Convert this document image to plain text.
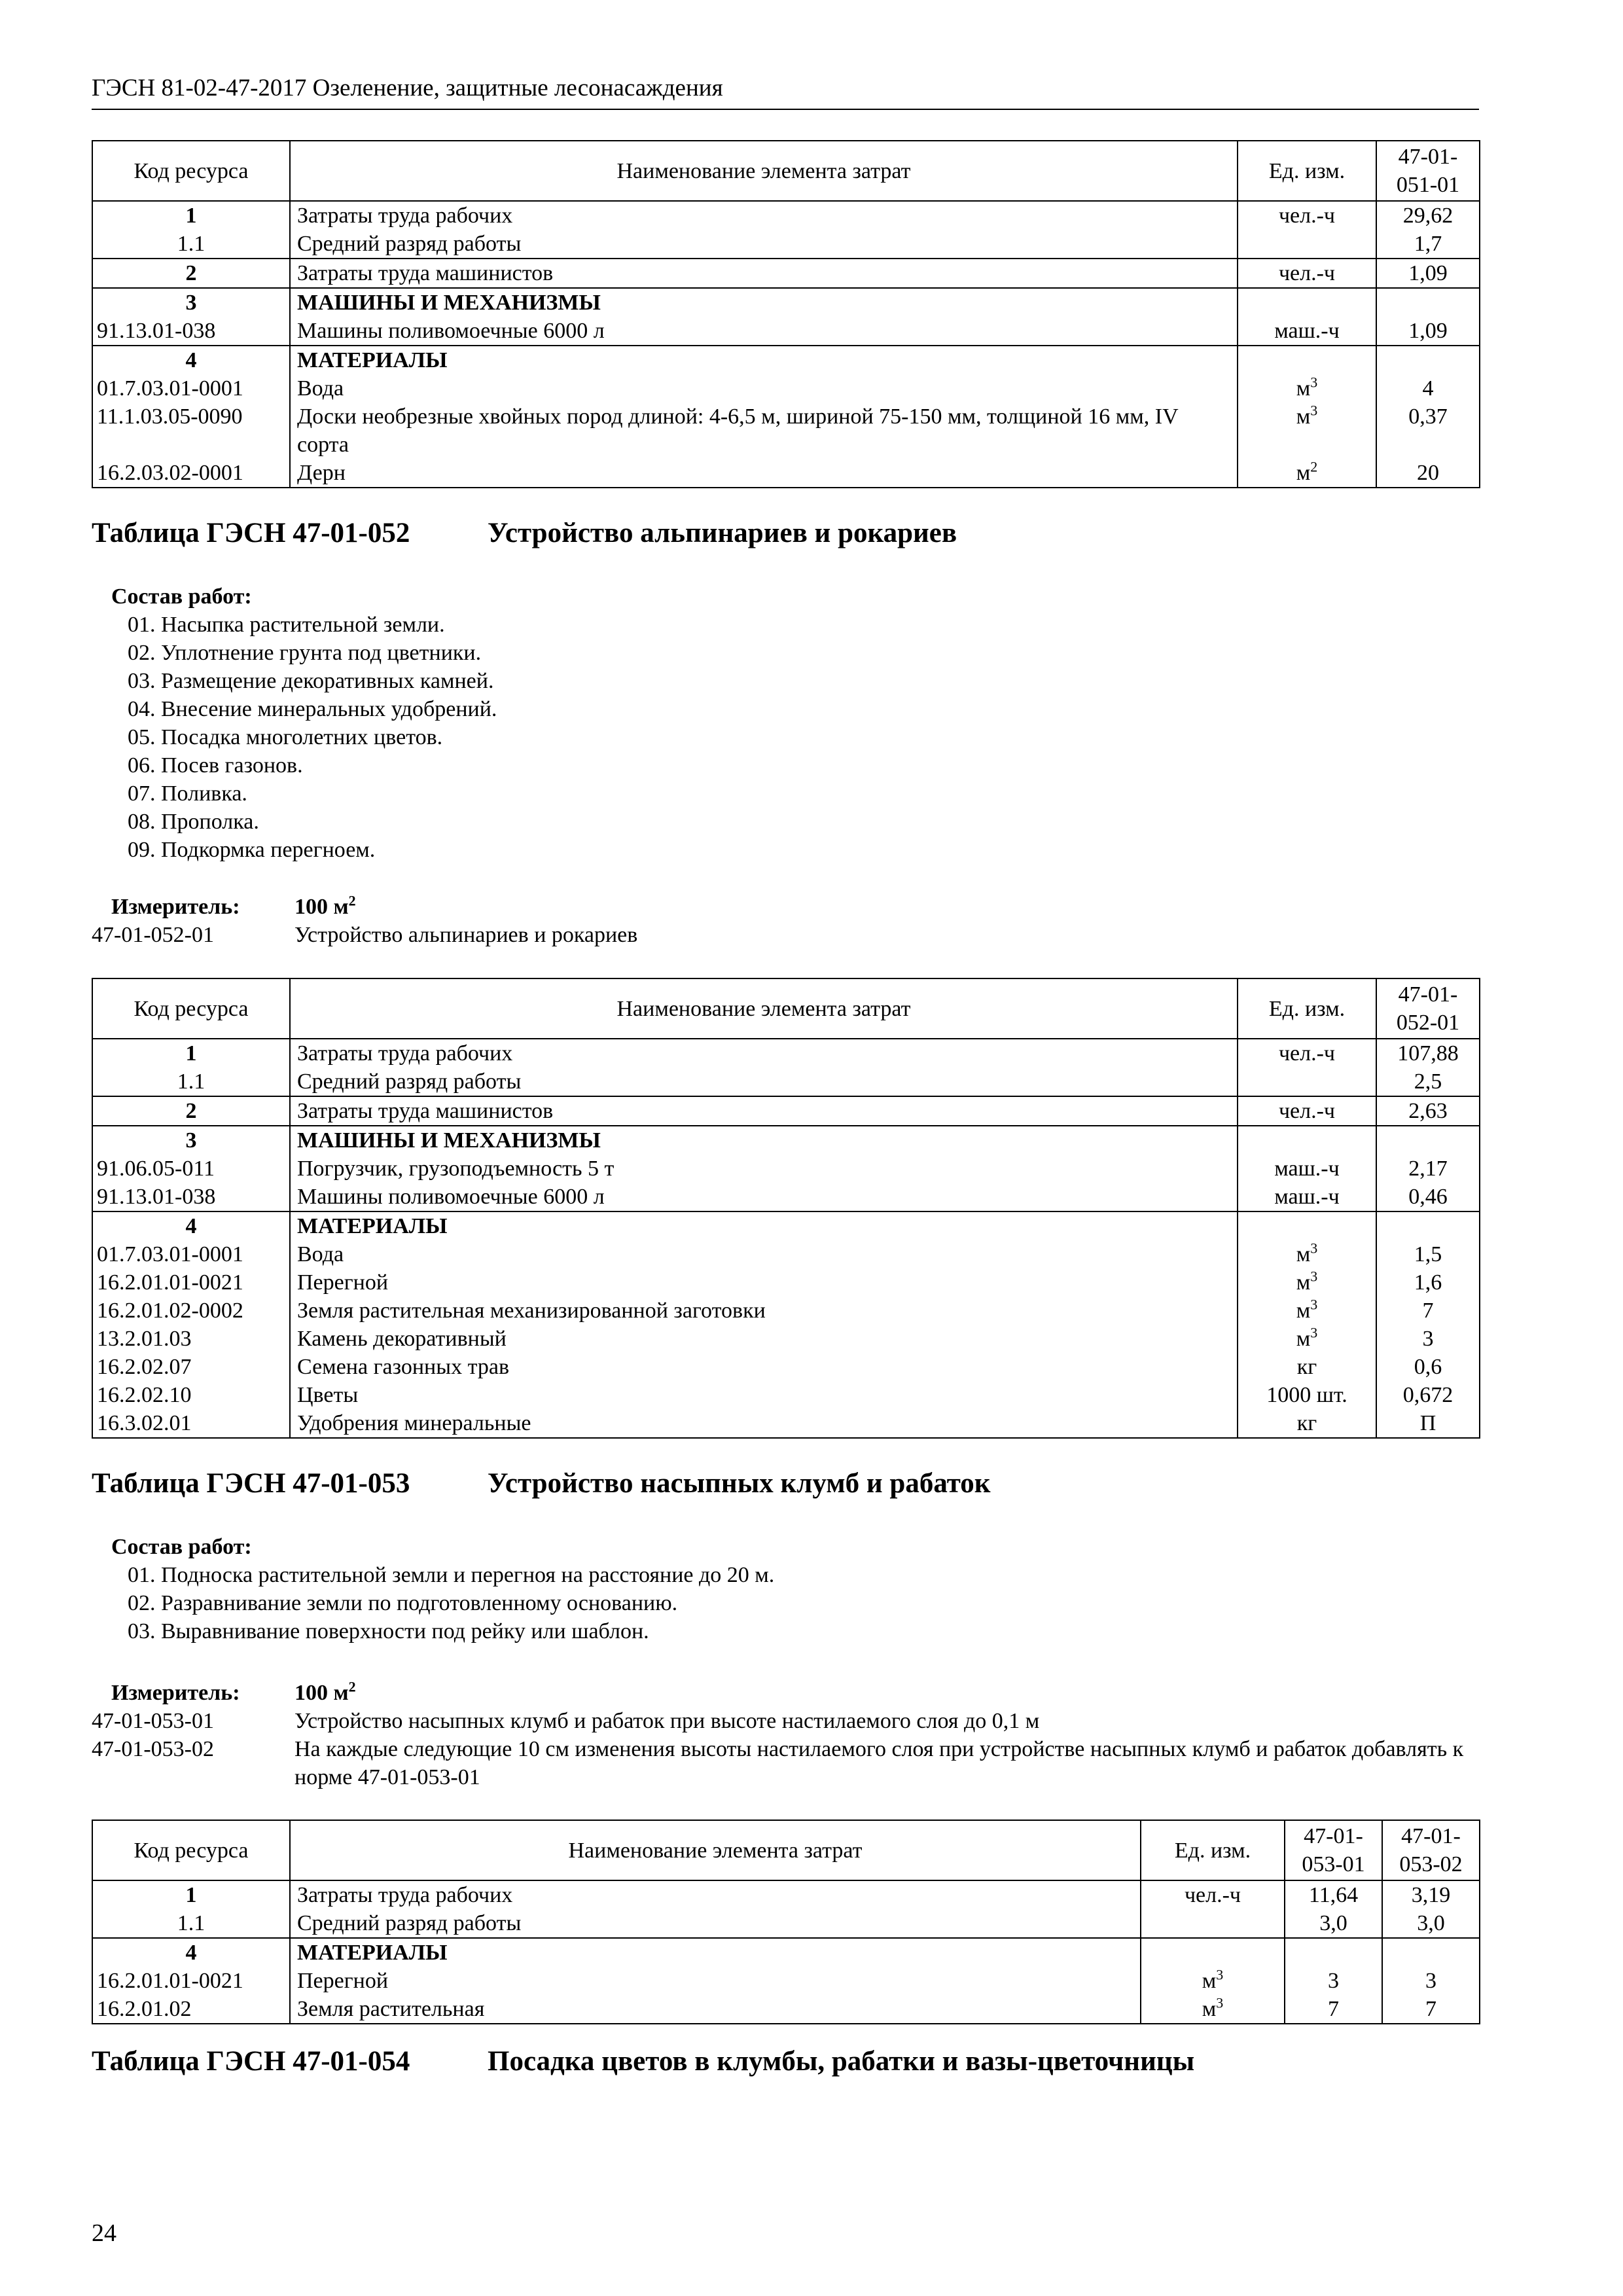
ГЭСН 81-02-47-2017 Озеленение, защитные лесонасаждения
Код ресурса	Наименование элемента затрат	Ед. изм.	47-01-
051-01
1	Затраты труда рабочих	чел.-ч	29,62
1.1	Средний разряд работы		1,7
2	Затраты труда машинистов	чел.-ч	1,09
3	МАШИНЫ И МЕХАНИЗМЫ		
91.13.01-038	Машины поливомоечные 6000 л	маш.-ч	1,09
4	МАТЕРИАЛЫ		
01.7.03.01-0001	Вода	$м^3$	4
11.1.03.05-0090	Доски необрезные хвойных пород длиной: 4-6,5 м, шириной 75-150 мм, толщиной 16 мм, IV сорта	$м^3$	0,37
16.2.03.02-0001	Дерн	$м^2$	20
Таблица ГЭСН 47-01-052	Устройство альпинариев и рокариев
Состав работ:
01. Насыпка растительной земли.
02. Уплотнение грунта под цветники.
03. Размещение декоративных камней.
04. Внесение минеральных удобрений.
05. Посадка многолетних цветов.
06. Посев газонов.
07. Поливка.
08. Прополка.
09. Подкормка перегноем.
Измеритель:	100 $м^2$
47-01-052-01	Устройство альпинариев и рокариев
Код ресурса	Наименование элемента затрат	Ед. изм.	47-01-
052-01
1	Затраты труда рабочих	чел.-ч	107,88
1.1	Средний разряд работы		2,5
2	Затраты труда машинистов	чел.-ч	2,63
3	МАШИНЫ И МЕХАНИЗМЫ		
91.06.05-011	Погрузчик, грузоподъемность 5 т	маш.-ч	2,17
91.13.01-038	Машины поливомоечные 6000 л	маш.-ч	0,46
4	МАТЕРИАЛЫ		
01.7.03.01-0001	Вода	$м^3$	1,5
16.2.01.01-0021	Перегной	$м^3$	1,6
16.2.01.02-0002	Земля растительная механизированной заготовки	$м^3$	7
13.2.01.03	Камень декоративный	$м^3$	3
16.2.02.07	Семена газонных трав	кг	0,6
16.2.02.10	Цветы	1000 шт.	0,672
16.3.02.01	Удобрения минеральные	кг	П
Таблица ГЭСН 47-01-053	Устройство насыпных клумб и рабаток
Состав работ:
01. Подноска растительной земли и перегноя на расстояние до 20 м.
02. Разравнивание земли по подготовленному основанию.
03. Выравнивание поверхности под рейку или шаблон.
Измеритель:	100 $м^2$
47-01-053-01	Устройство насыпных клумб и рабаток при высоте настилаемого слоя до 0,1 м
47-01-053-02	На каждые следующие 10 см изменения высоты настилаемого слоя при устройстве насыпных клумб и рабаток добавлять к норме 47-01-053-01
Код ресурса	Наименование элемента затрат	Ед. изм.	47-01-
053-01	47-01-
053-02
1	Затраты труда рабочих	чел.-ч	11,64	3,19
1.1	Средний разряд работы		3,0	3,0
4	МАТЕРИАЛЫ			
16.2.01.01-0021	Перегной	$м^3$	3	3
16.2.01.02	Земля растительная	$м^3$	7	7
Таблица ГЭСН 47-01-054	Посадка цветов в клумбы, рабатки и вазы-цветочницы
24
